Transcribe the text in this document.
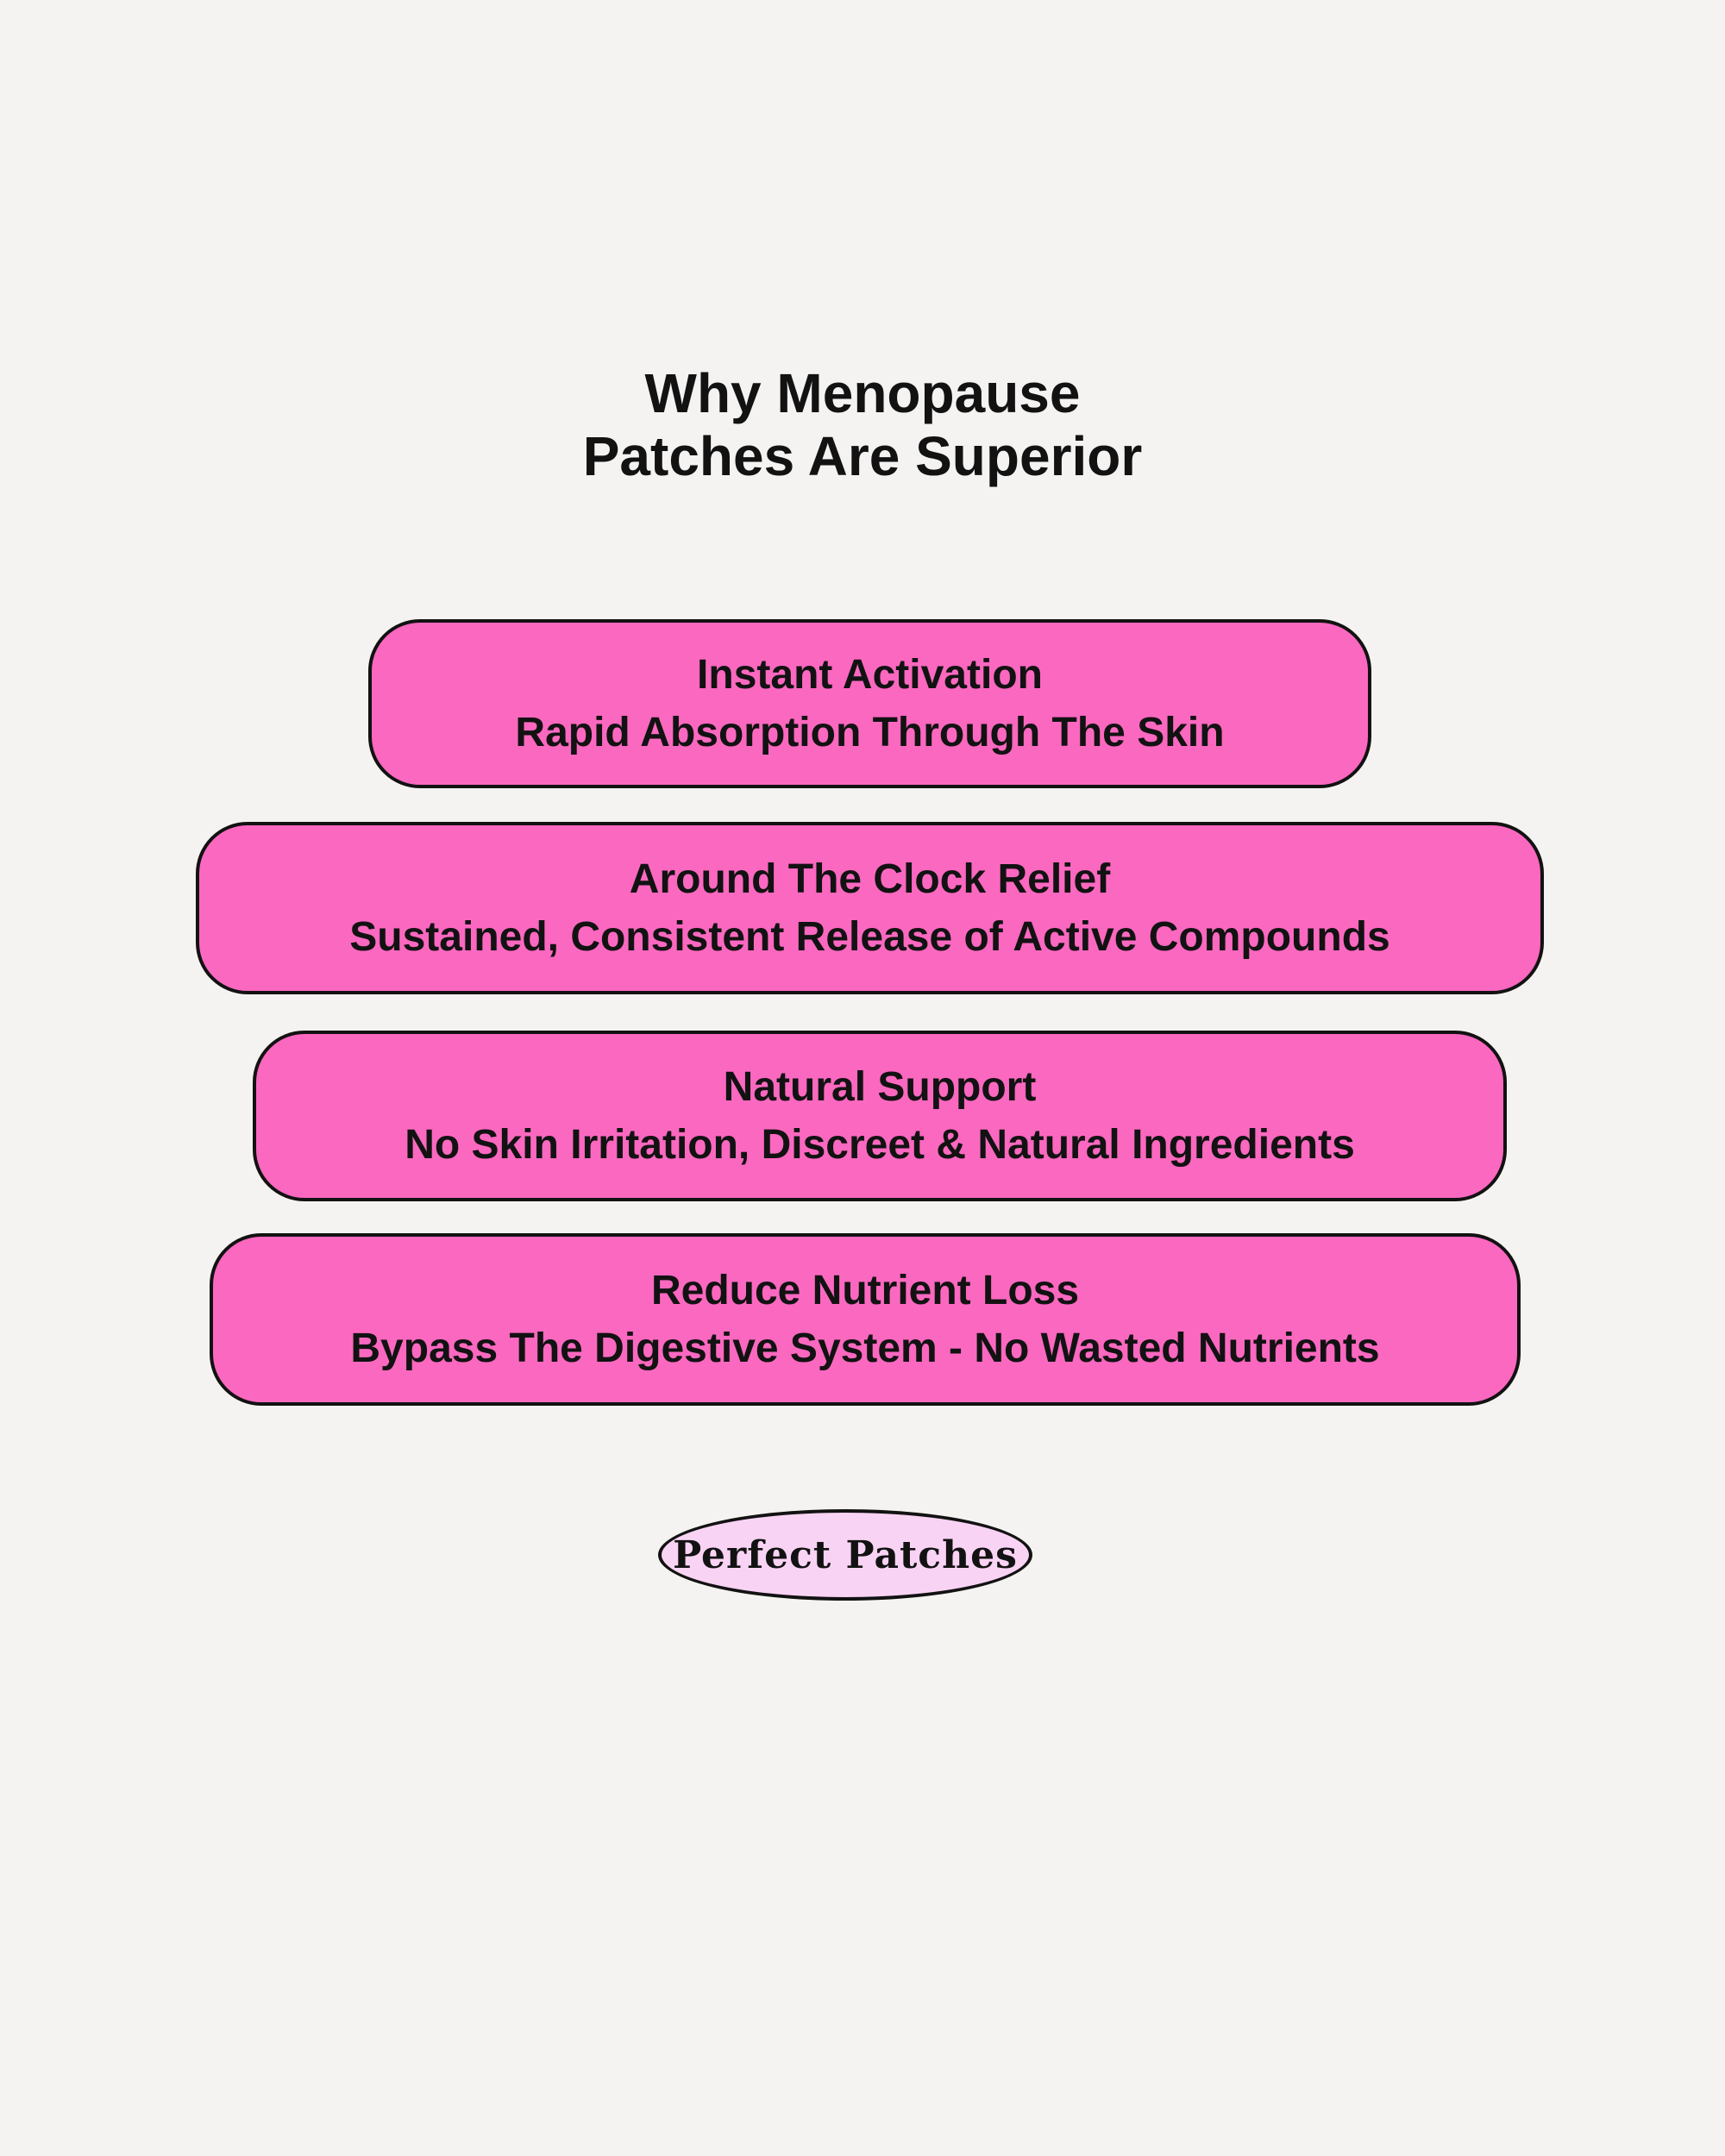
Why Menopause
Patches Are Superior
Instant Activation
Rapid Absorption Through The Skin
Around The Clock Relief
Sustained, Consistent Release of Active Compounds
Natural Support
No Skin Irritation, Discreet & Natural Ingredients
Reduce Nutrient Loss
Bypass The Digestive System - No Wasted Nutrients
Perfect Patches
